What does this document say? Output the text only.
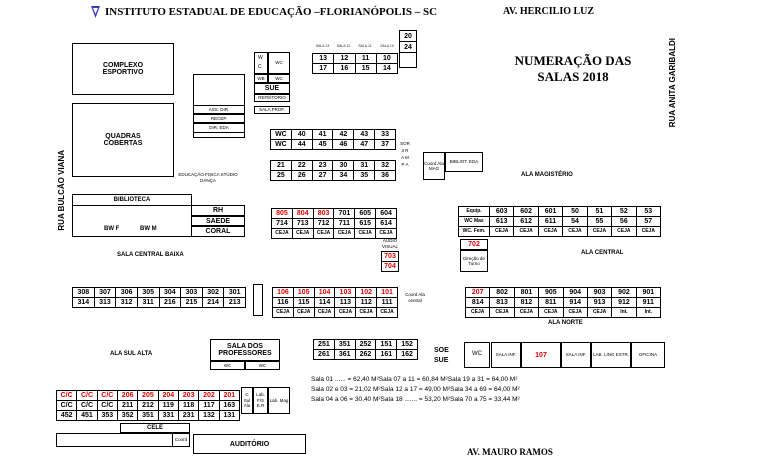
INSTITUTO ESTADUAL DE EDUCAÇÃO –FLORIANÓPOLIS – SC	AV. HERCILIO LUZ
NUMERAÇÃO DAS
SALAS 2018
RUA BULCÃO VIANA
RUA ANITA GARIBALDI
AV. MAURO RAMOS
COMPLEXO ESPORTIVO
QUADRAS COBERTAS
ASS. DIR.
RECEP.
DIR. EDA
EDUCAÇÃO FISICA STÚDIO DANÇA
BIBLIOTECA
BW F	BW M
RH
SAEDE
CORAL
SALA CENTRAL BAIXA
W
C
WC
WB	WC
SUE
REFEITORIO
SALA PROF.
20
24

SALA 13	SALA 12	SALA 11	SALA 10
13	12	11	10
17	16	15	14
WC	40	41	42	43	33
WC	44	45	46	47	37
21	22	23	30	31	32
25	26	27	34	35	36
SOR3 R A M P A	Coord Ala MAG
BIBLIOT. EDA
ALA MAGISTÉRIO
805	804	803	701	605	604
714	713	712	711	615	614
CEJA	CEJA	CEJA	CEJA	CEJA	CEJA
AUDIO VISUAL
703
704
702
Direção de Turno
Equip.	603	602	601	50	51	52	53
WC Mas	613	612	611	54	55	56	57
WC. Fem.	CEJA	CEJA	CEJA	CEJA	CEJA	CEJA	CEJA
ALA CENTRAL
308	307	306	305	304	303	302	301
314	313	312	311	216	215	214	213
106	105	104	103	102	101
116	115	114	113	112	111
CEJA	CEJA	CEJA	CEJA	CEJA	CEJA
Coord Ala central
207	802	801	905	904	903	902	901
814	813	812	811	914	913	912	911
CEJA	CEJA	CEJA	CEJA	CEJA	CEJA	Int.	Int.
ALA NORTE
SALA DOS PROFESSORES
WC	WC
ALA SUL ALTA
251	351	252	151	152
261	361	262	161	162
SOE
SUE
WC	SALA INF.	107	SALA INF. LAB. LING ESTR. OFICINA
C/C	C/C	C/C	206	205	204	203	202	201
C/C	C/C	C/C	211	212	119	118	117	163
452	451	353	352	351	331	231	132	131
C Sul Ala
Lab. F/S E.R
Lab. Mag
CELE
Coord
AUDITÓRIO
Sala 01 ...... = 62,40 M²Sala 07 a 11 = 60,84 M²Sala 19 a 31 = 64,00 M²
Sala 02 e 03 = 21,02 M²Sala 12 a 17 = 49,00 M²Sala 34 a 69 = 64,00 M²
Sala 04 a 06 = 30,40 M²Sala 18 ....... = 53,20 M²Sala 70 a 75 = 33,44 M²
